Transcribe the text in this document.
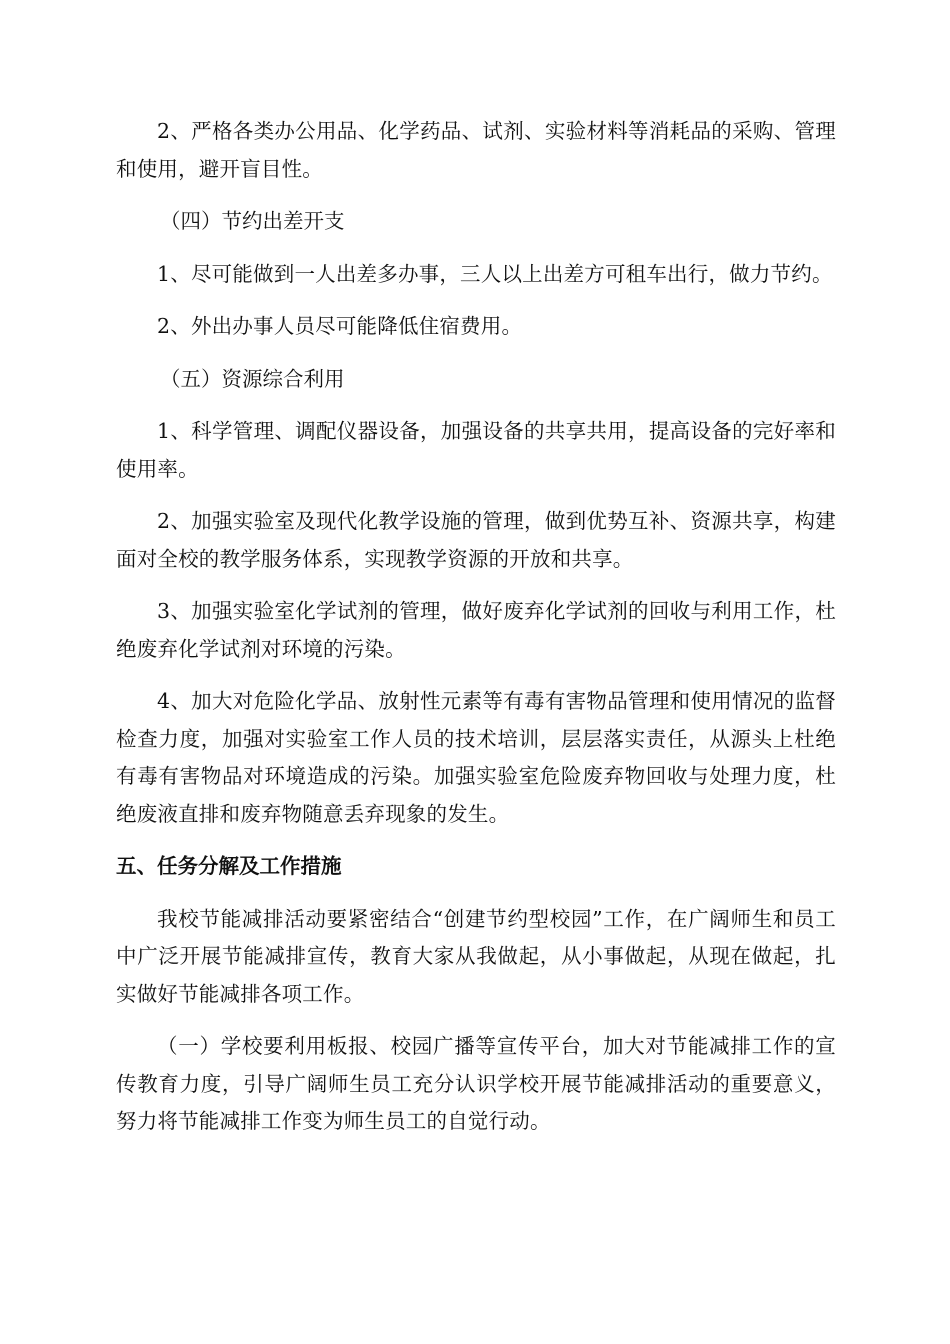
2、严格各类办公用品、化学药品、试剂、实验材料等消耗品的采购、管理和使用，避开盲目性。

（四）节约出差开支

1、尽可能做到一人出差多办事，三人以上出差方可租车出行，做力节约。

2、外出办事人员尽可能降低住宿费用。

（五）资源综合利用

1、科学管理、调配仪器设备，加强设备的共享共用，提高设备的完好率和使用率。

2、加强实验室及现代化教学设施的管理，做到优势互补、资源共享，构建面对全校的教学服务体系，实现教学资源的开放和共享。

3、加强实验室化学试剂的管理，做好废弃化学试剂的回收与利用工作，杜绝废弃化学试剂对环境的污染。

4、加大对危险化学品、放射性元素等有毒有害物品管理和使用情况的监督检查力度，加强对实验室工作人员的技术培训，层层落实责任，从源头上杜绝有毒有害物品对环境造成的污染。加强实验室危险废弃物回收与处理力度，杜绝废液直排和废弃物随意丢弃现象的发生。

五、任务分解及工作措施

我校节能减排活动要紧密结合“创建节约型校园”工作，在广阔师生和员工中广泛开展节能减排宣传，教育大家从我做起，从小事做起，从现在做起，扎实做好节能减排各项工作。

（一）学校要利用板报、校园广播等宣传平台，加大对节能减排工作的宣传教育力度，引导广阔师生员工充分认识学校开展节能减排活动的重要意义，努力将节能减排工作变为师生员工的自觉行动。
